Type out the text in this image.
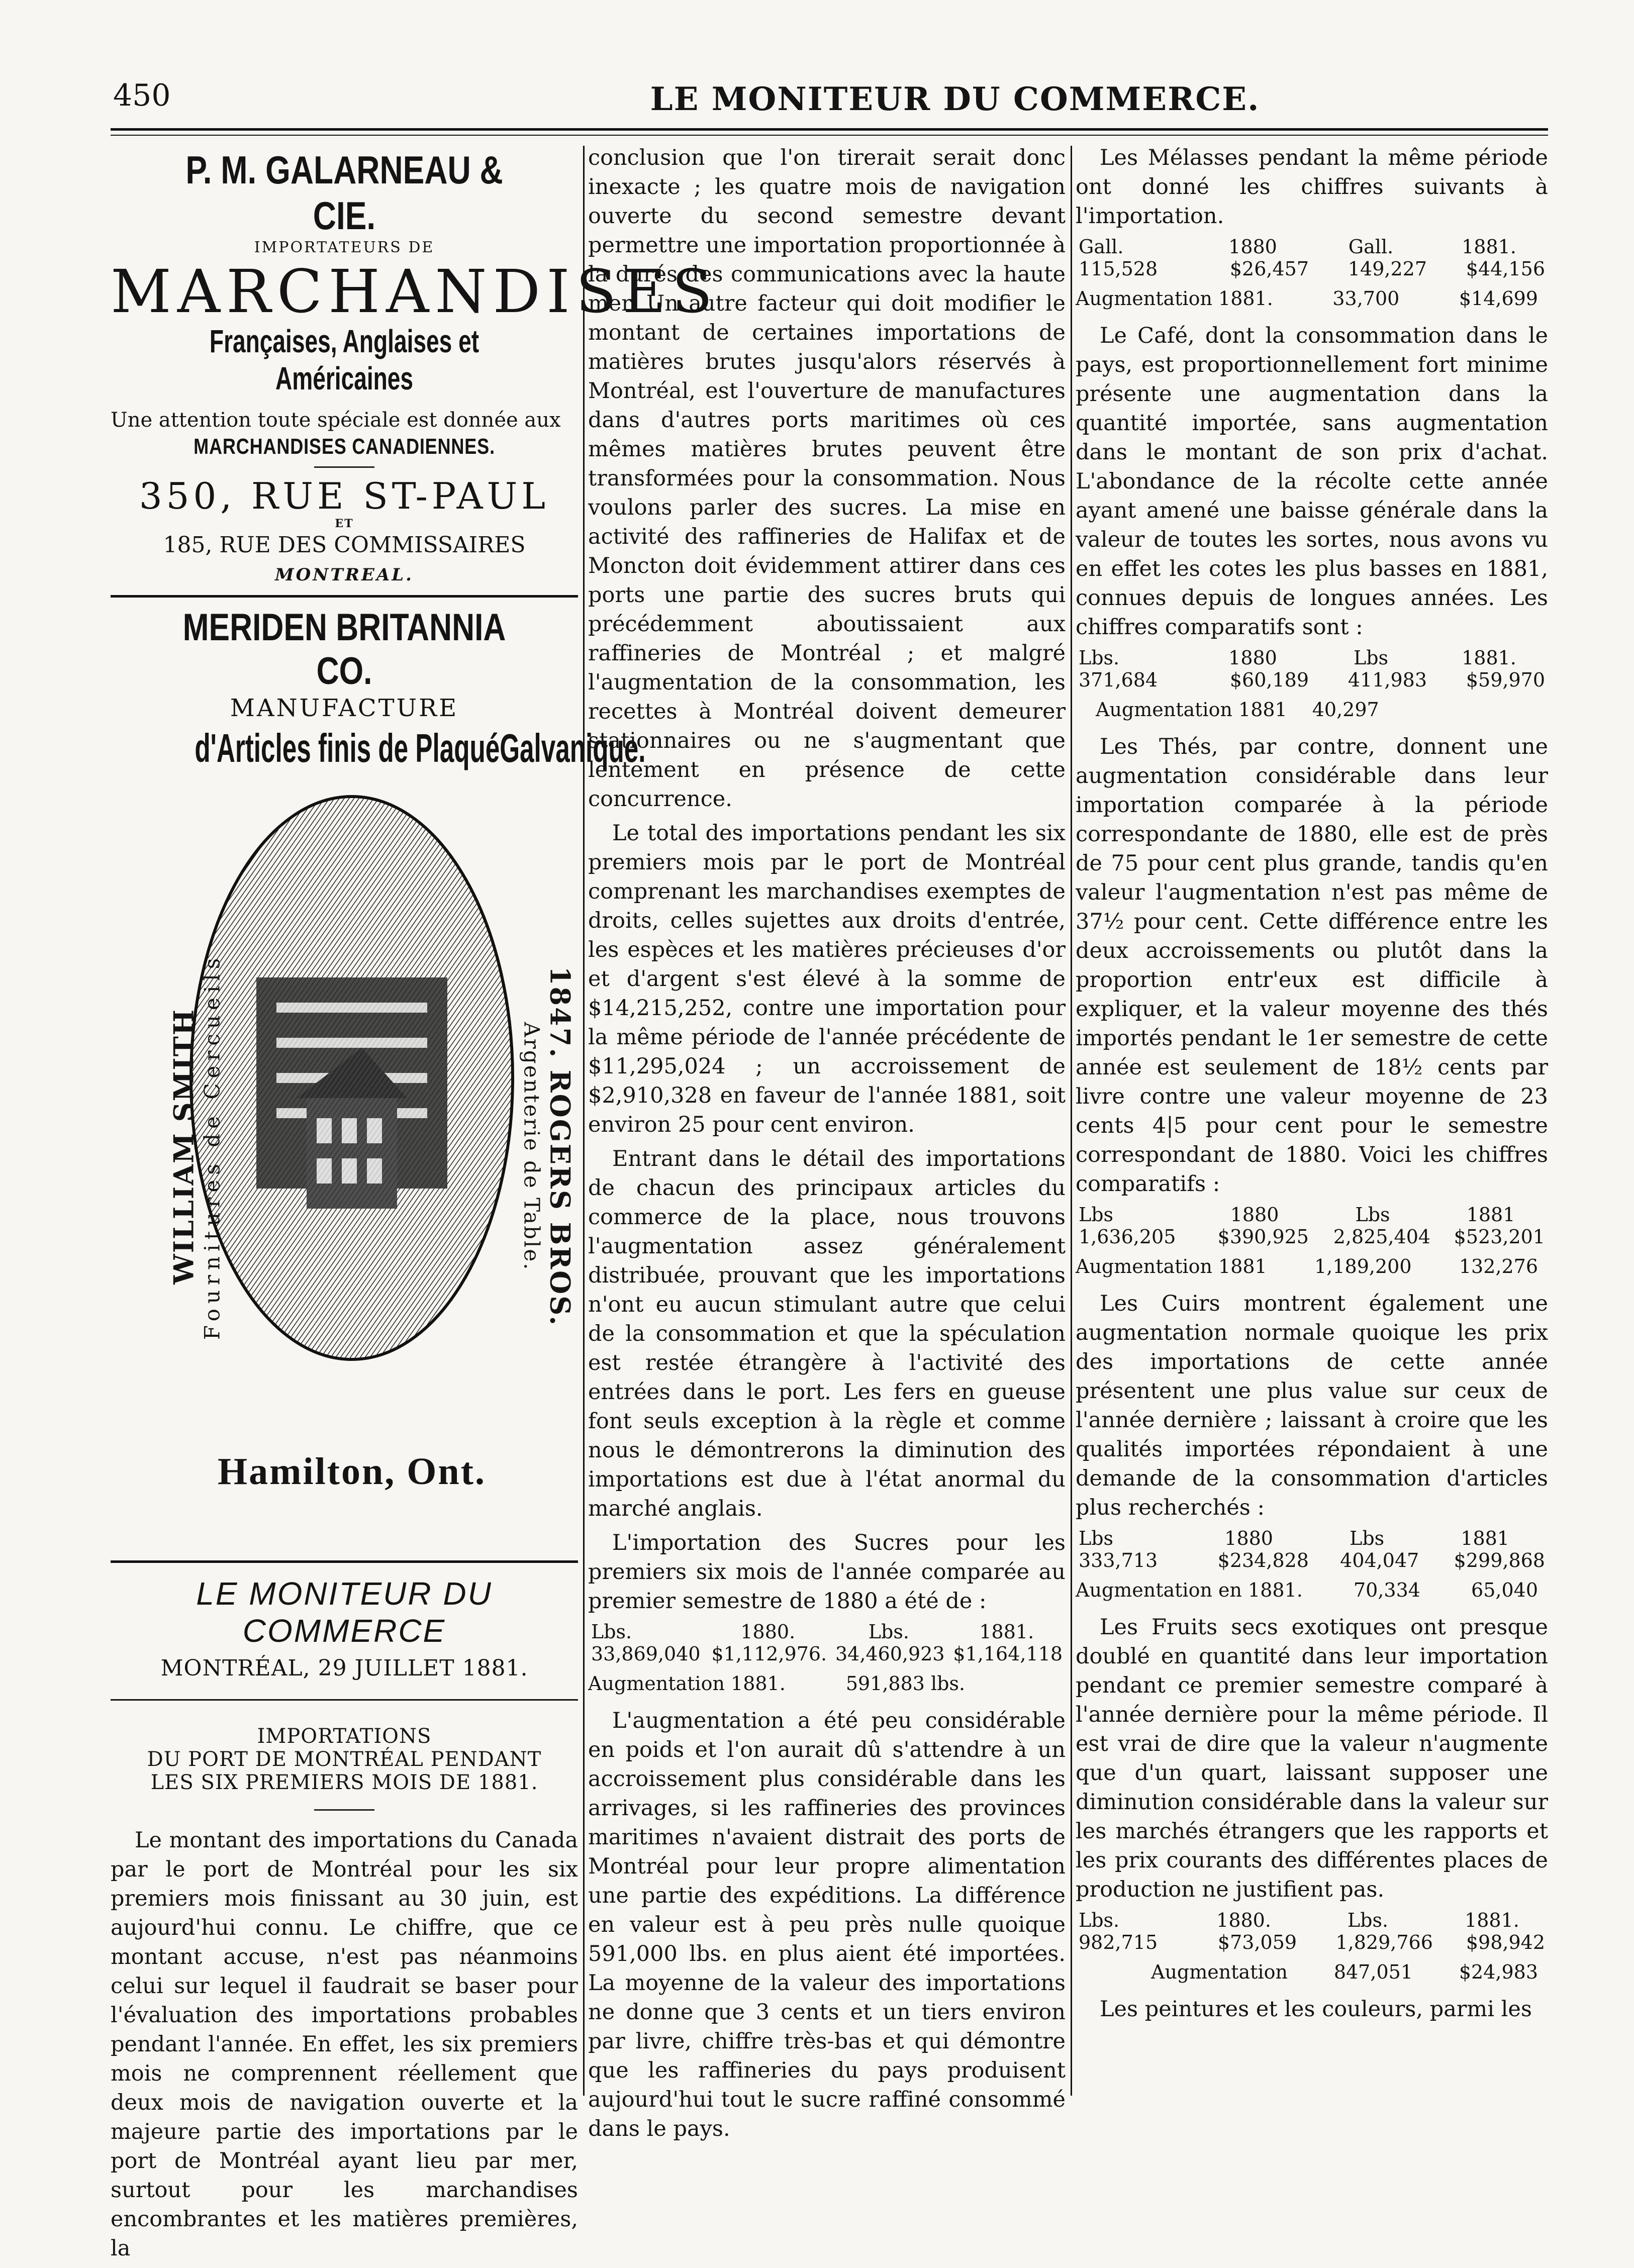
450	LE MONITEUR DU COMMERCE.
P. M. GALARNEAU & CIE.
IMPORTATEURS DE
MARCHANDISES
Françaises, Anglaises et Américaines
Une attention toute spéciale est donnée aux
MARCHANDISES CANADIENNES.
350, RUE ST-PAUL
ET
185, RUE DES COMMISSAIRES
MONTREAL.
MERIDEN BRITANNIA CO.
MANUFACTURE
d'Articles finis de PlaquéGalvanique.
WILLIAM SMITH Fournitures de Cercueils	1847. ROGERS BROS.
Argenterie de Table.
Hamilton, Ont.
LE MONITEUR DU COMMERCE
MONTRÉAL, 29 JUILLET 1881.
IMPORTATIONS
DU PORT DE MONTRÉAL PENDANT
LES SIX PREMIERS MOIS DE 1881.

Le montant des importations du Canada par le port de Montréal pour les six premiers mois finissant au 30 juin, est aujourd'hui connu. Le chiffre, que ce montant accuse, n'est pas néanmoins celui sur lequel il faudrait se baser pour l'évaluation des importations probables pendant l'année. En effet, les six premiers mois ne comprennent réellement que deux mois de navigation ouverte et la majeure partie des importations par le port de Montréal ayant lieu par mer, surtout pour les marchandises encombrantes et les matières premières, la

conclusion que l'on tirerait serait donc inexacte ; les quatre mois de navigation ouverte du second semestre devant permettre une importation proportionnée à la durés des communications avec la haute mer. Un autre facteur qui doit modifier le montant de certaines importations de matières brutes jusqu'alors réservés à Montréal, est l'ouverture de manufactures dans d'autres ports maritimes où ces mêmes matières brutes peuvent être transformées pour la consommation. Nous voulons parler des sucres. La mise en activité des raffineries de Halifax et de Moncton doit évidemment attirer dans ces ports une partie des sucres bruts qui précédemment aboutissaient aux raffineries de Montréal ; et malgré l'augmentation de la consommation, les recettes à Montréal doivent demeurer stationnaires ou ne s'augmentant que lentement en présence de cette concurrence.

Le total des importations pendant les six premiers mois par le port de Montréal comprenant les marchandises exemptes de droits, celles sujettes aux droits d'entrée, les espèces et les matières précieuses d'or et d'argent s'est élevé à la somme de $14,215,252, contre une importation pour la même période de l'année précédente de $11,295,024 ; un accroissement de $2,910,328 en faveur de l'année 1881, soit environ 25 pour cent environ.

Entrant dans le détail des importations de chacun des principaux articles du commerce de la place, nous trouvons l'augmentation assez généralement distribuée, prouvant que les importations n'ont eu aucun stimulant autre que celui de la consommation et que la spéculation est restée étrangère à l'activité des entrées dans le port. Les fers en gueuse font seuls exception à la règle et comme nous le démontrerons la diminution des importations est due à l'état anormal du marché anglais.

L'importation des Sucres pour les premiers six mois de l'année comparée au premier semestre de 1880 a été de :

Lbs.	1880.	Lbs.	1881.
33,869,040	$1,112,976.	34,460,923	$1,164,118
Augmentation 1881.	591,883 lbs.

L'augmentation a été peu considérable en poids et l'on aurait dû s'attendre à un accroissement plus considérable dans les arrivages, si les raffineries des provinces maritimes n'avaient distrait des ports de Montréal pour leur propre alimentation une partie des expéditions. La différence en valeur est à peu près nulle quoique 591,000 lbs. en plus aient été importées. La moyenne de la valeur des importations ne donne que 3 cents et un tiers environ par livre, chiffre très-bas et qui démontre que les raffineries du pays produisent aujourd'hui tout le sucre raffiné consommé dans le pays.

Les Mélasses pendant la même période ont donné les chiffres suivants à l'importation.

Gall.	1880	Gall.	1881.
115,528	$26,457	149,227	$44,156
Augmentation 1881.	33,700	$14,699

Le Café, dont la consommation dans le pays, est proportionnellement fort minime présente une augmentation dans la quantité importée, sans augmentation dans le montant de son prix d'achat. L'abondance de la récolte cette année ayant amené une baisse générale dans la valeur de toutes les sortes, nous avons vu en effet les cotes les plus basses en 1881, connues depuis de longues années. Les chiffres comparatifs sont :

Lbs.	1880	Lbs	1881.
371,684	$60,189	411,983	$59,970
Augmentation 1881 40,297

Les Thés, par contre, donnent une augmentation considérable dans leur importation comparée à la période correspondante de 1880, elle est de près de 75 pour cent plus grande, tandis qu'en valeur l'augmentation n'est pas même de 37½ pour cent. Cette différence entre les deux accroissements ou plutôt dans la proportion entr'eux est difficile à expliquer, et la valeur moyenne des thés importés pendant le 1er semestre de cette année est seulement de 18½ cents par livre contre une valeur moyenne de 23 cents 4|5 pour cent pour le semestre correspondant de 1880. Voici les chiffres comparatifs :

Lbs	1880	Lbs	1881
1,636,205	$390,925	2,825,404	$523,201
Augmentation 1881 1,189,200 132,276

Les Cuirs montrent également une augmentation normale quoique les prix des importations de cette année présentent une plus value sur ceux de l'année dernière ; laissant à croire que les qualités importées répondaient à une demande de la consommation d'articles plus recherchés :

Lbs	1880	Lbs	1881
333,713	$234,828	404,047	$299,868
Augmentation en 1881.	70,334	65,040

Les Fruits secs exotiques ont presque doublé en quantité dans leur importation pendant ce premier semestre comparé à l'année dernière pour la même période. Il est vrai de dire que la valeur n'augmente que d'un quart, laissant supposer une diminution considérable dans la valeur sur les marchés étrangers que les rapports et les prix courants des différentes places de production ne justifient pas.

Lbs.	1880.	Lbs.	1881.
982,715	$73,059	1,829,766	$98,942
Augmentation 847,051 $24,983

Les peintures et les couleurs, parmi les
